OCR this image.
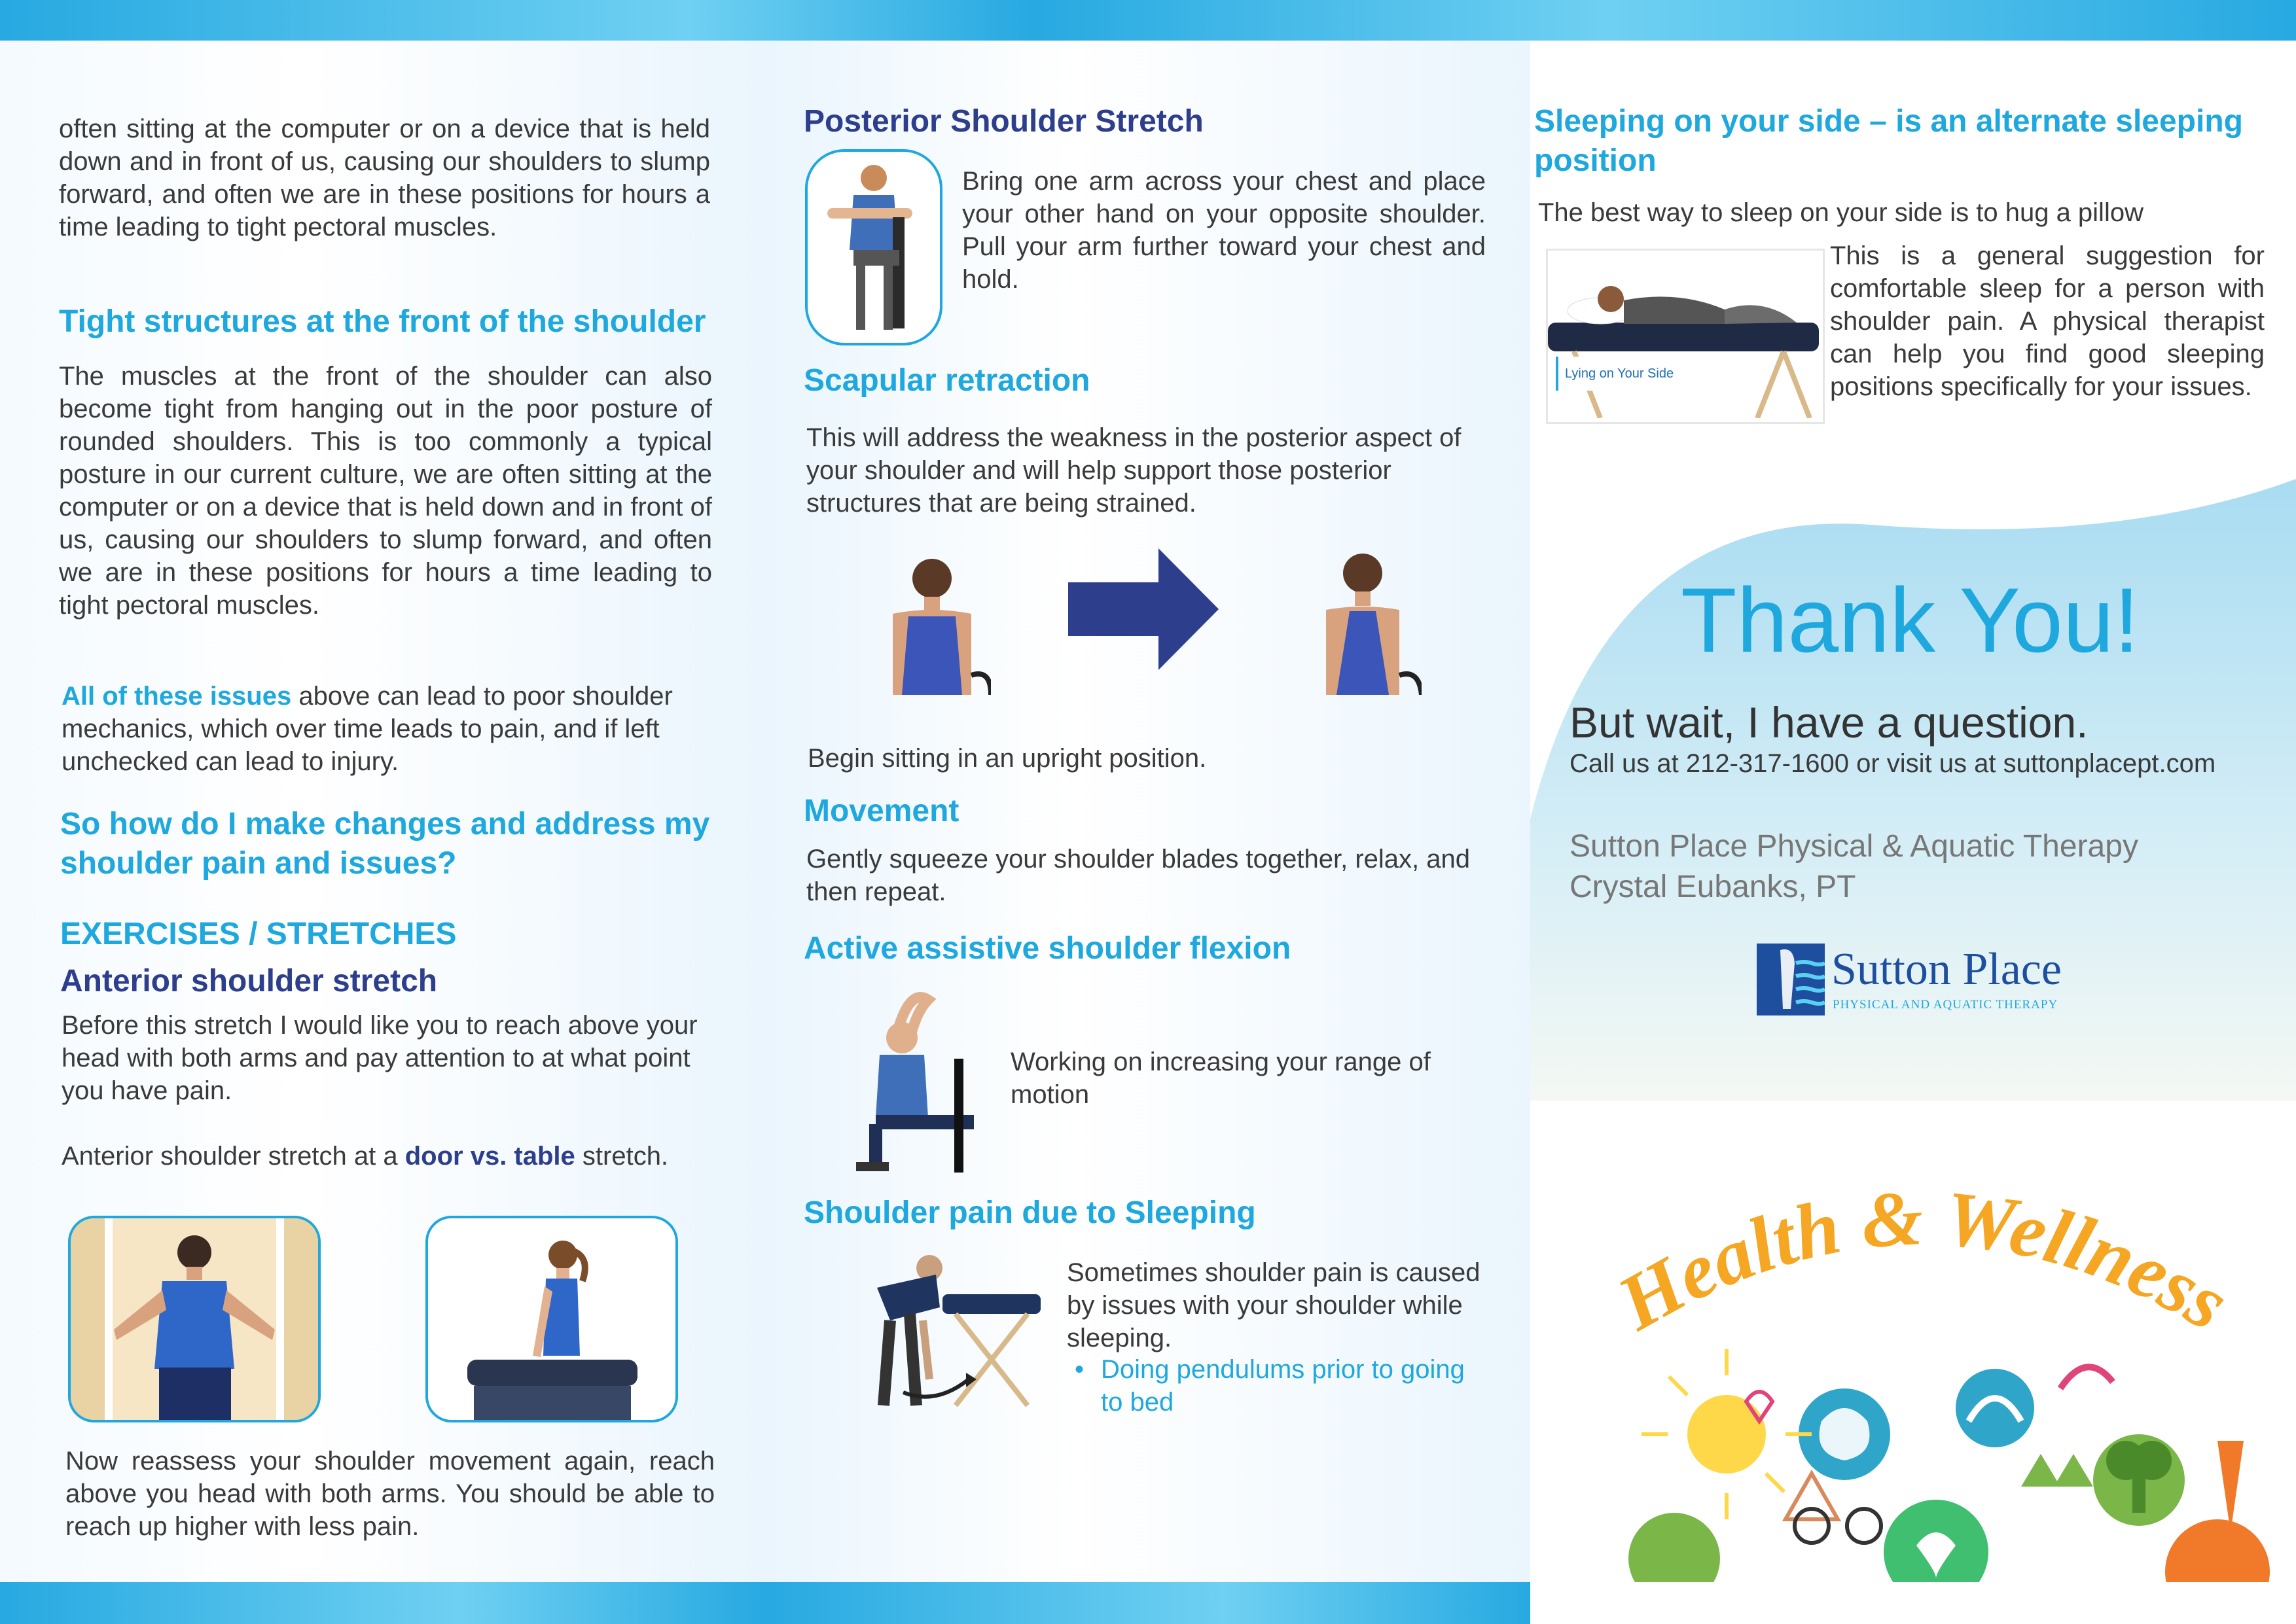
often sitting at the computer or on a device that is held down and in front of us, causing our shoulders to slump forward, and often we are in these positions for hours a time leading to tight pectoral muscles.
Tight structures at the front of the shoulder
The muscles at the front of the shoulder can also become tight from hanging out in the poor posture of rounded shoulders. This is too commonly a typical posture in our current culture, we are often sitting at the computer or on a device that is held down and in front of us, causing our shoulders to slump forward, and often we are in these positions for hours a time leading to tight pectoral muscles.
All of these issues above can lead to poor shoulder mechanics, which over time leads to pain, and if left unchecked can lead to injury.
So how do I make changes and address my shoulder pain and issues?
EXERCISES / STRETCHES
Anterior shoulder stretch
Before this stretch I would like you to reach above your head with both arms and pay attention to at what point you have pain.
Anterior shoulder stretch at a door vs. table stretch.
Now reassess your shoulder movement again, reach above you head with both arms. You should be able to reach up higher with less pain.
Posterior Shoulder Stretch
Bring one arm across your chest and place your other hand on your opposite shoulder. Pull your arm further toward your chest and hold.
Scapular retraction
This will address the weakness in the posterior aspect of your shoulder and will help support those posterior structures that are being strained.
Begin sitting in an upright position.
Movement
Gently squeeze your shoulder blades together, relax, and then repeat.
Active assistive shoulder flexion
Working on increasing your range of motion
Shoulder pain due to Sleeping
Sometimes shoulder pain is caused by issues with your shoulder while sleeping.
• Doing pendulums prior to going to bed
Sleeping on your side – is an alternate sleeping position
The best way to sleep on your side is to hug a pillow
Lying on Your Side
This is a general suggestion for comfortable sleep for a person with shoulder pain. A physical therapist can help you find good sleeping positions specifically for your issues.
Thank You!
But wait, I have a question.
Call us at 212-317-1600 or visit us at suttonplacept.com
Sutton Place Physical & Aquatic Therapy
Crystal Eubanks, PT
Sutton Place
PHYSICAL AND AQUATIC THERAPY
Health & Wellness
